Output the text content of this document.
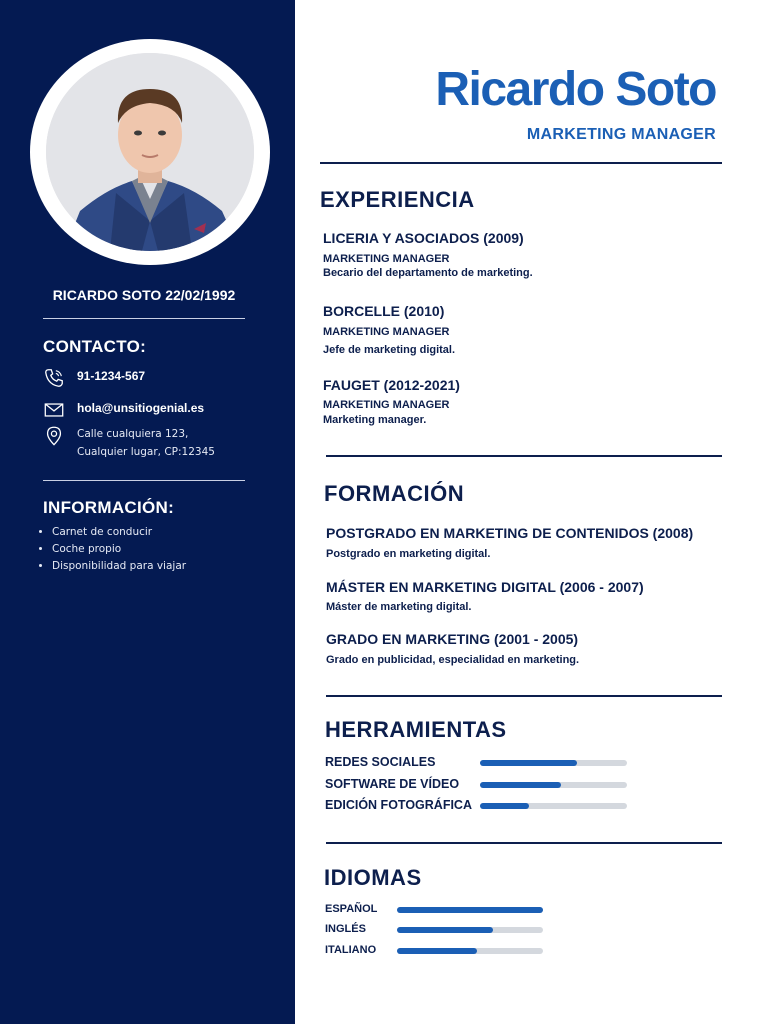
RICARDO SOTO 22/02/1992
CONTACTO:
91-1234-567
hola@unsitiogenial.es
Calle cualquiera 123,
Cualquier lugar, CP:12345
INFORMACIÓN:
• Carnet de conducir
• Coche propio
• Disponibilidad para viajar
Ricardo Soto
MARKETING MANAGER
EXPERIENCIA
LICERIA Y ASOCIADOS (2009)
MARKETING MANAGER
Becario del departamento de marketing.
BORCELLE (2010)
MARKETING MANAGER
Jefe de marketing digital.
FAUGET (2012-2021)
MARKETING MANAGER
Marketing manager.
FORMACIÓN
POSTGRADO EN MARKETING DE CONTENIDOS (2008)
Postgrado en marketing digital.
MÁSTER EN MARKETING DIGITAL (2006 - 2007)
Máster de marketing digital.
GRADO EN MARKETING (2001 - 2005)
Grado en publicidad, especialidad en marketing.
HERRAMIENTAS
REDES SOCIALES
SOFTWARE DE VÍDEO
EDICIÓN FOTOGRÁFICA
IDIOMAS
ESPAÑOL
INGLÉS
ITALIANO
